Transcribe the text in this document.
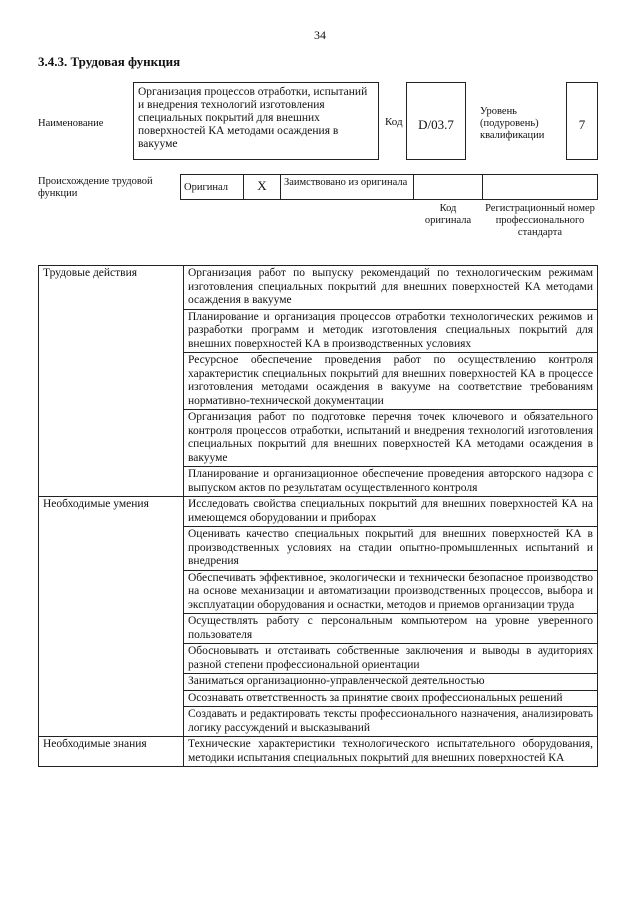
34
3.4.3. Трудовая функция
Наименование
Организация процессов отработки, испытаний и внедрения технологий изготовления специальных покрытий для внешних поверхностей КА методами осаждения в вакууме
Код	D/03.7
Уровень (подуровень) квалификации
7
Происхождение трудовой функции
Оригинал	X	Заимствовано из оригинала
Код оригинала
Регистрационный номер профессионального стандарта
Трудовые действия	Организация работ по выпуску рекомендаций по технологическим режимам изготовления специальных покрытий для внешних поверхностей КА методами осаждения в вакууме
	Планирование и организация процессов отработки технологических режимов и разработки программ и методик изготовления специальных покрытий для внешних поверхностей КА в производственных условиях
	Ресурсное обеспечение проведения работ по осуществлению контроля характеристик специальных покрытий для внешних поверхностей КА в процессе изготовления методами осаждения в вакууме на соответствие требованиям нормативно-технической документации
	Организация работ по подготовке перечня точек ключевого и обязательного контроля процессов отработки, испытаний и внедрения технологий изготовления специальных покрытий для внешних поверхностей КА методами осаждения в вакууме
	Планирование и организационное обеспечение проведения авторского надзора с выпуском актов по результатам осуществленного контроля
Необходимые умения	Исследовать свойства специальных покрытий для внешних поверхностей КА на имеющемся оборудовании и приборах
	Оценивать качество специальных покрытий для внешних поверхностей КА в производственных условиях на стадии опытно-промышленных испытаний и внедрения
	Обеспечивать эффективное, экологически и технически безопасное производство на основе механизации и автоматизации производственных процессов, выбора и эксплуатации оборудования и оснастки, методов и приемов организации труда
	Осуществлять работу с персональным компьютером на уровне уверенного пользователя
	Обосновывать и отстаивать собственные заключения и выводы в аудиториях разной степени профессиональной ориентации
	Заниматься организационно-управленческой деятельностью
	Осознавать ответственность за принятие своих профессиональных решений
	Создавать и редактировать тексты профессионального назначения, анализировать логику рассуждений и высказываний
Необходимые знания	Технические характеристики технологического испытательного оборудования, методики испытания специальных покрытий для внешних поверхностей КА
